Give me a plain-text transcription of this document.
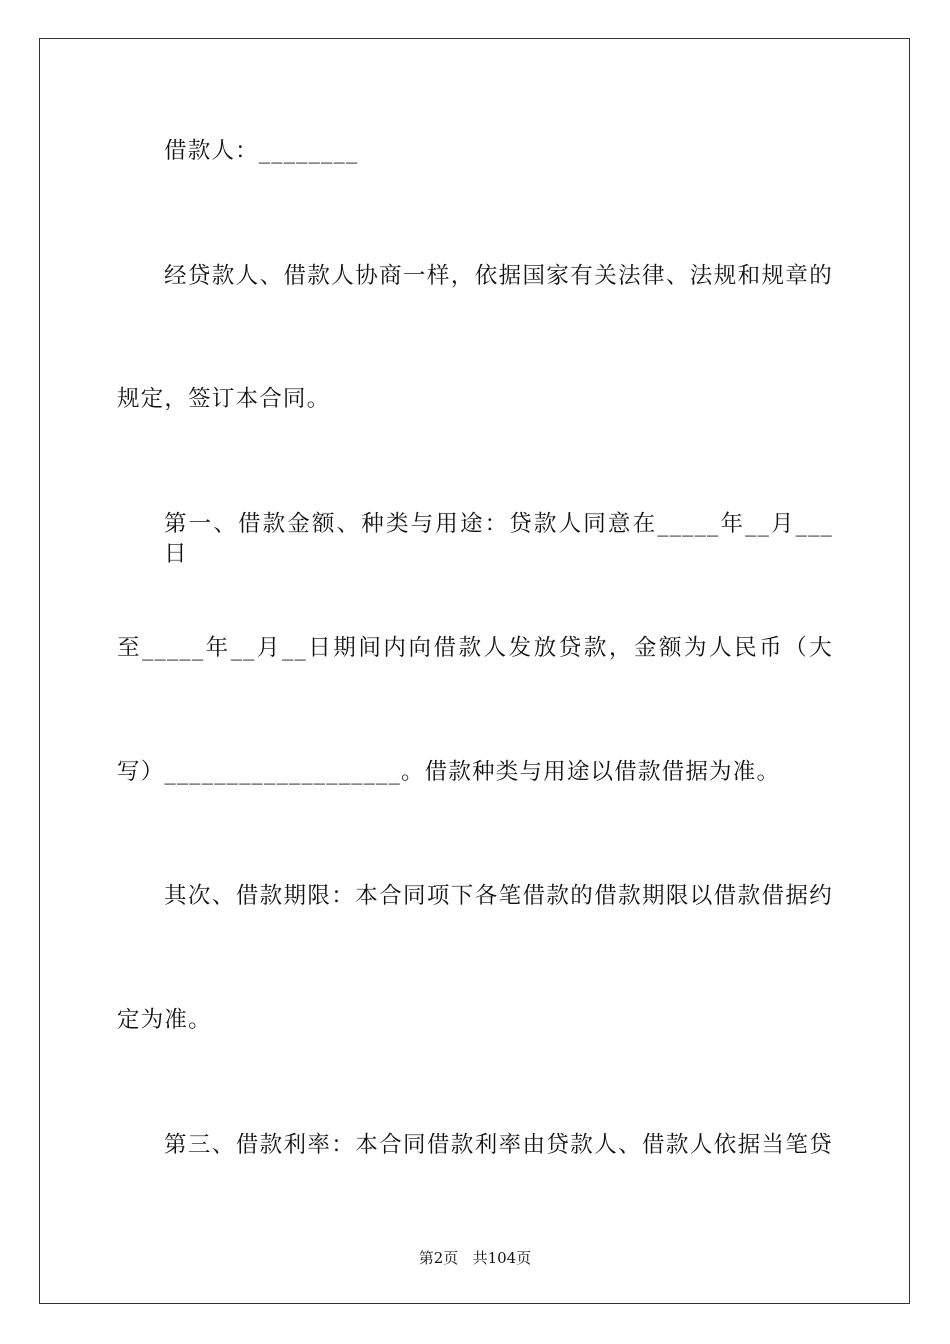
借款人：________
经贷款人、借款人协商一样，依据国家有关法律、法规和规章的
规定，签订本合同。
第一、借款金额、种类与用途：贷款人同意在_____年__月___日
至_____年__月__日期间内向借款人发放贷款，金额为人民币（大
写）___________________。借款种类与用途以借款借据为准。
其次、借款期限：本合同项下各笔借款的借款期限以借款借据约
定为准。
第三、借款利率：本合同借款利率由贷款人、借款人依据当笔贷
第2页   共104页
